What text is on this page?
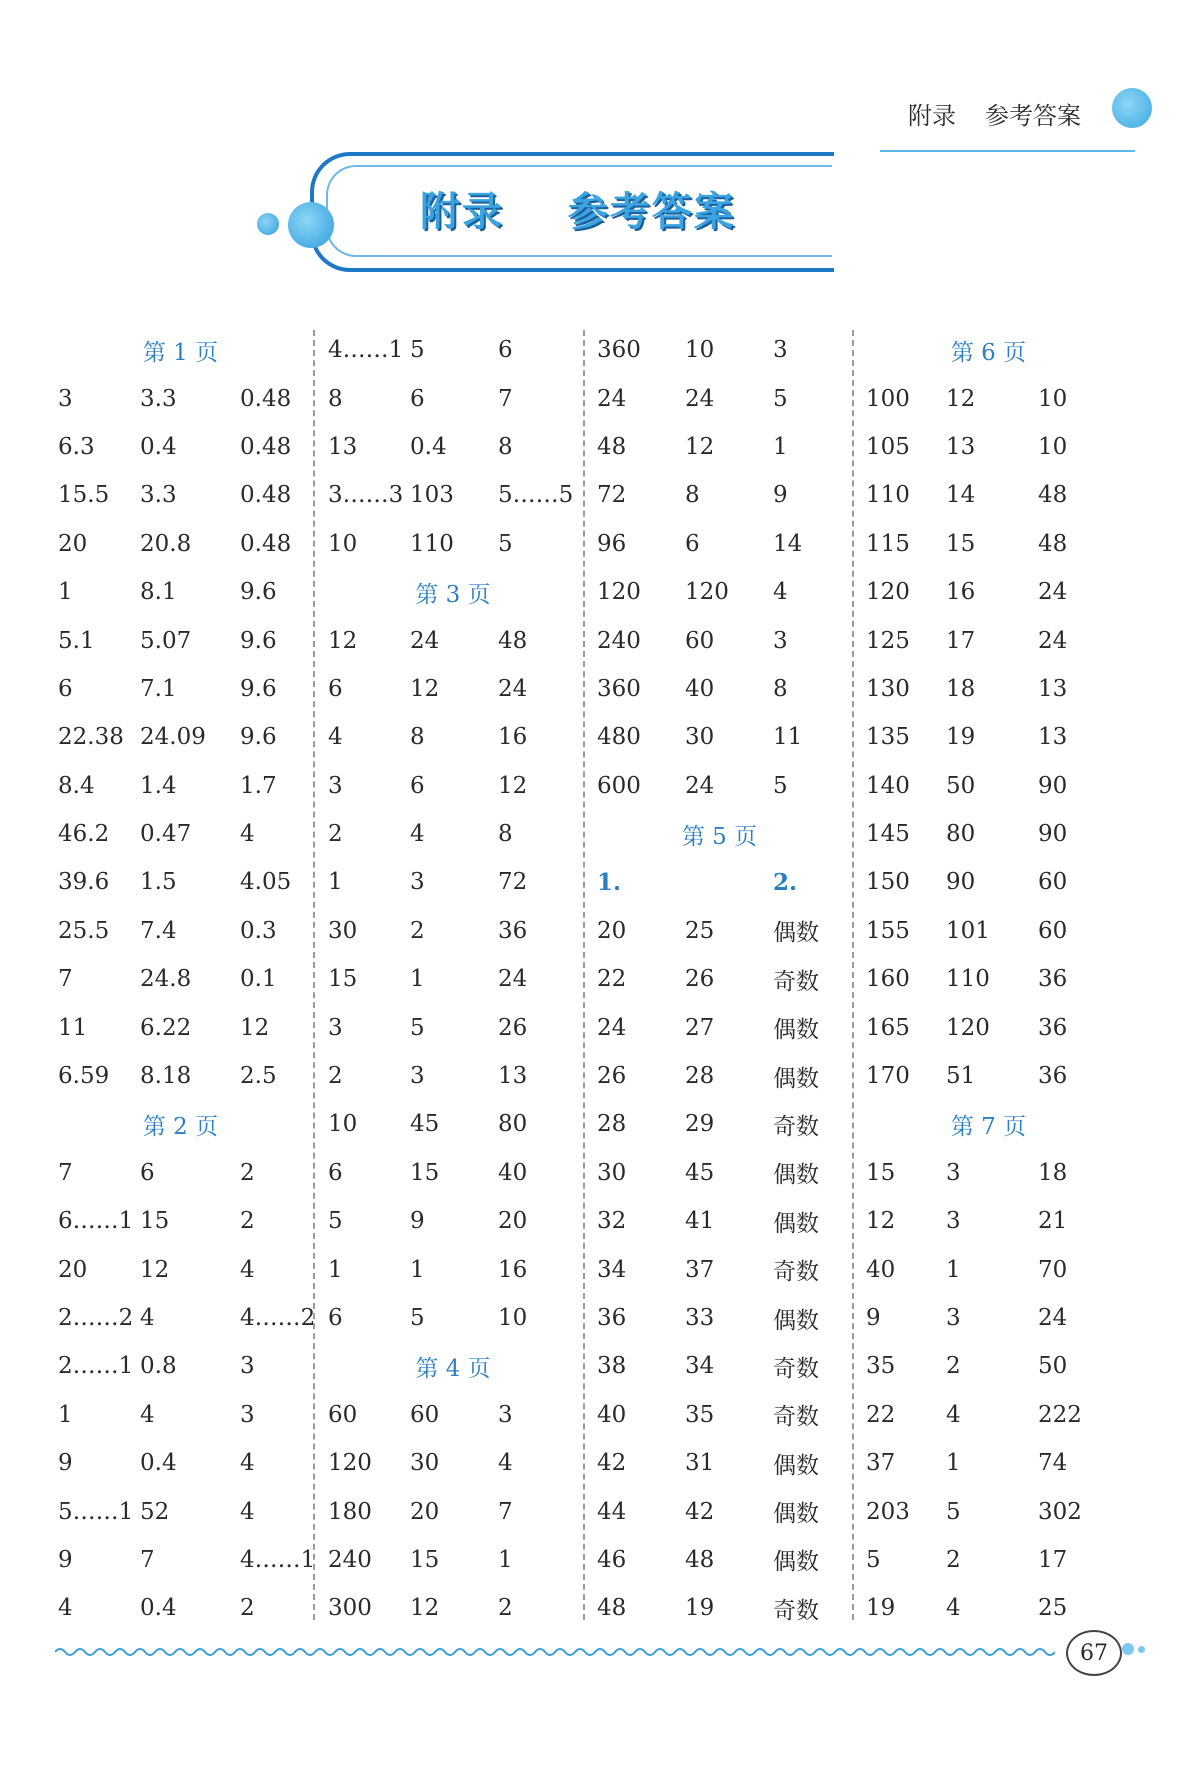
附录 参考答案
附录    参考答案
第 1 页
3	3.3	0.48
6.3	0.4	0.48
15.5	3.3	0.48
20	20.8	0.48
1	8.1	9.6
5.1	5.07	9.6
6	7.1	9.6
22.38 24.09	9.6
8.4	1.4	1.7
46.2	0.47	4
39.6	1.5	4.05
25.5	7.4	0.3
7	24.8	0.1
11	6.22	12
6.59	8.18	2.5
第 2 页
7	6	2
6……1 15	2
20	12	4
2……2 4	4……2
2……1 0.8	3
1	4	3
9	0.4	4
5……1 52	4
9	7	4……1
4	0.4	2
4……1 5	6
8	6	7
13	0.4	8
3……3 103	5……5
10	110	5
第 3 页
12	24	48
6	12	24
4	8	16
3	6	12
2	4	8
1	3	72
30	2	36
15	1	24
3	5	26
2	3	13
10	45	80
6	15	40
5	9	20
1	1	16
6	5	10
第 4 页
60	60	3
120	30	4
180	20	7
240	15	1
300	12	2
360	10	3
24	24	5
48	12	1
72	8	9
96	6	14
120	120	4
240	60	3
360	40	8
480	30	11
600	24	5
第 5 页
1.	2.
20	25	偶数
22	26	奇数
24	27	偶数
26	28	偶数
28	29	奇数
30	45	偶数
32	41	偶数
34	37	奇数
36	33	偶数
38	34	奇数
40	35	奇数
42	31	偶数
44	42	偶数
46	48	偶数
48	19	奇数
第 6 页
100	12	10
105	13	10
110	14	48
115	15	48
120	16	24
125	17	24
130	18	13
135	19	13
140	50	90
145	80	90
150	90	60
155	101	60
160	110	36
165	120	36
170	51	36
第 7 页
15	3	18
12	3	21
40	1	70
9	3	24
35	2	50
22	4	222
37	1	74
203	5	302
5	2	17
19	4	25
67
